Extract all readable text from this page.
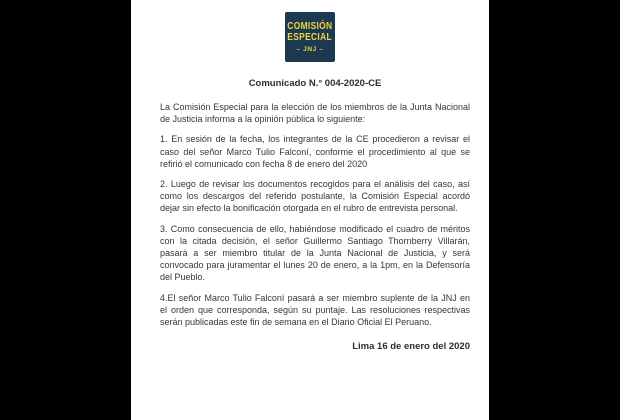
COMISIÓN
ESPECIAL
– JNJ –
Comunicado N.° 004-2020-CE

La Comisión Especial para la elección de los miembros de la Junta Nacional de Justicia informa a la opinión pública lo siguiente:

1. En sesión de la fecha, los integrantes de la CE procedieron a revisar el caso del señor Marco Tulio Falconí, conforme el procedimiento al que se refirió el comunicado con fecha 8 de enero del 2020

2. Luego de revisar los documentos recogidos para el análisis del caso, así como los descargos del referido postulante, la Comisión Especial acordó dejar sin efecto la bonificación otorgada en el rubro de entrevista personal.

3. Como consecuencia de ello, habiéndose modificado el cuadro de méritos con la citada decisión, el señor Guillermo Santiago Thornberry Villarán, pasará a ser miembro titular de la Junta Nacional de Justicia, y será convocado para juramentar el lunes 20 de enero, a la 1pm, en la Defensoría del Pueblo.

4.El señor Marco Tulio Falconí pasará a ser miembro suplente de la JNJ en el orden que corresponda, según su puntaje. Las resoluciones respectivas serán publicadas este fin de semana en el Diario Oficial El Peruano.

Lima 16 de enero del 2020
